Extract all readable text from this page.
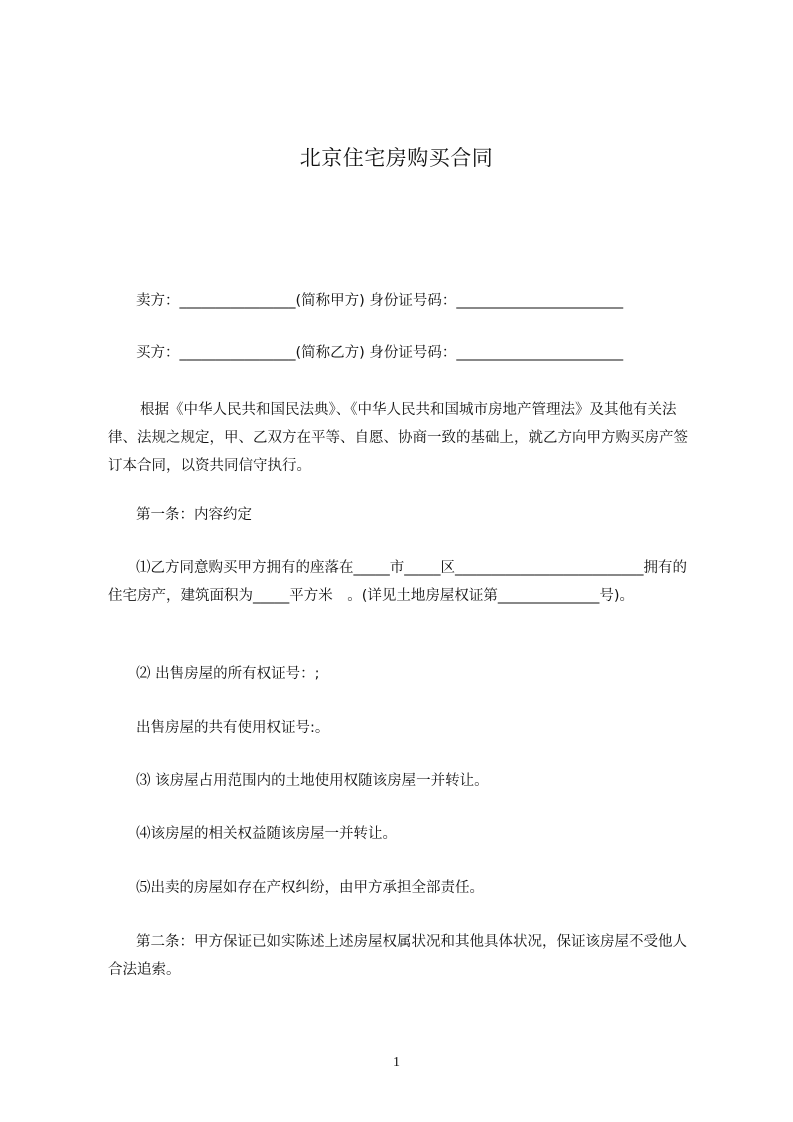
北京住宅房购买合同
卖方：________________(简称甲方) 身份证号码：_______________________
买方：________________(简称乙方) 身份证号码：_______________________
根据《中华人民共和国民法典》、《中华人民共和国城市房地产管理法》及其他有关法律、法规之规定，甲、乙双方在平等、自愿、协商一致的基础上，就乙方向甲方购买房产签订本合同，以资共同信守执行。
第一条：内容约定
⑴乙方同意购买甲方拥有的座落在_____市_____区__________________________拥有的住宅房产，建筑面积为_____平方米　。(详见土地房屋权证第______________号)。
⑵ 出售房屋的所有权证号：;
出售房屋的共有使用权证号:。
⑶ 该房屋占用范围内的土地使用权随该房屋一并转让。
⑷该房屋的相关权益随该房屋一并转让。
⑸出卖的房屋如存在产权纠纷，由甲方承担全部责任。
第二条：甲方保证已如实陈述上述房屋权属状况和其他具体状况，保证该房屋不受他人合法追索。
1
